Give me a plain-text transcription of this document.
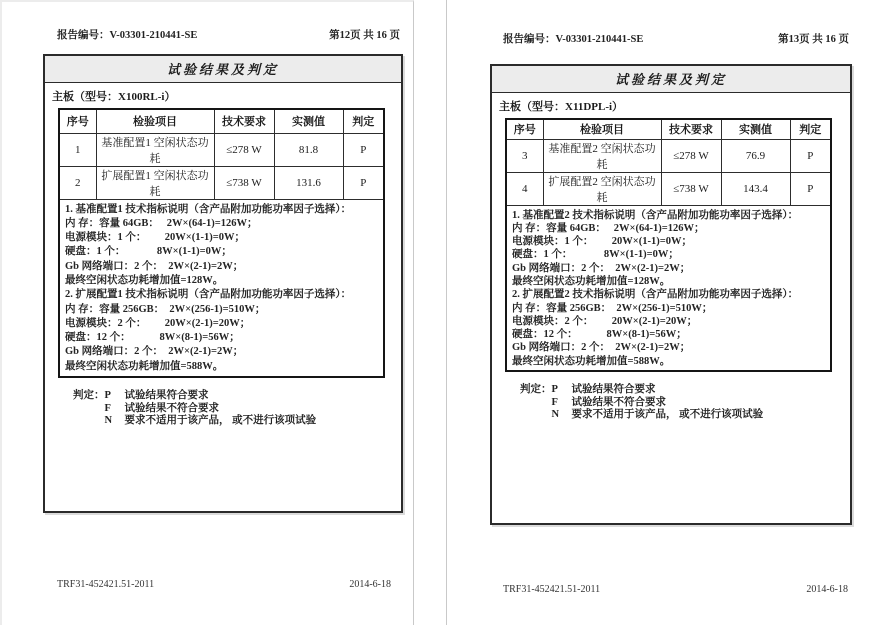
报告编号：V-03301-210441-SE	第12页 共 16 页
试验结果及判定
主板（型号：X100RL-i）
序号	检验项目	技术要求	实测值	判定
1	基准配置1 空闲状态功耗	≤278 W	81.8	P
2	扩展配置1 空闲状态功耗	≤738 W	131.6	P

1. 基准配置1 技术指标说明（含产品附加功能功率因子选择）：
内 存：容量 64GB：   2W×(64-1)=126W；
电源模块：1 个：       20W×(1-1)=0W；
硬盘：1 个：            8W×(1-1)=0W；
Gb 网络端口：2 个：  2W×(2-1)=2W；
最终空闲状态功耗增加值=128W。
2. 扩展配置1 技术指标说明（含产品附加功能功率因子选择）：
内 存：容量 256GB：  2W×(256-1)=510W；
电源模块：2 个：       20W×(2-1)=20W；
硬盘：12 个：           8W×(8-1)=56W；
Gb 网络端口：2 个：  2W×(2-1)=2W；
最终空闲状态功耗增加值=588W。
判定： P 试验结果符合要求
F 试验结果不符合要求
N 要求不适用于该产品， 或不进行该项试验
TRF31-452421.51-2011	2014-6-18
报告编号：V-03301-210441-SE	第13页 共 16 页
试验结果及判定
主板（型号：X11DPL-i）
序号	检验项目	技术要求	实测值	判定
3	基准配置2 空闲状态功耗	≤278 W	76.9	P
4	扩展配置2 空闲状态功耗	≤738 W	143.4	P

1. 基准配置2 技术指标说明（含产品附加功能功率因子选择）：
内 存：容量 64GB：   2W×(64-1)=126W；
电源模块：1 个：       20W×(1-1)=0W；
硬盘：1 个：            8W×(1-1)=0W；
Gb 网络端口：2 个：  2W×(2-1)=2W；
最终空闲状态功耗增加值=128W。
2. 扩展配置2 技术指标说明（含产品附加功能功率因子选择）：
内 存：容量 256GB：  2W×(256-1)=510W；
电源模块：2 个：       20W×(2-1)=20W；
硬盘：12 个：           8W×(8-1)=56W；
Gb 网络端口：2 个：  2W×(2-1)=2W；
最终空闲状态功耗增加值=588W。
判定： P 试验结果符合要求
F 试验结果不符合要求
N 要求不适用于该产品， 或不进行该项试验
TRF31-452421.51-2011	2014-6-18
